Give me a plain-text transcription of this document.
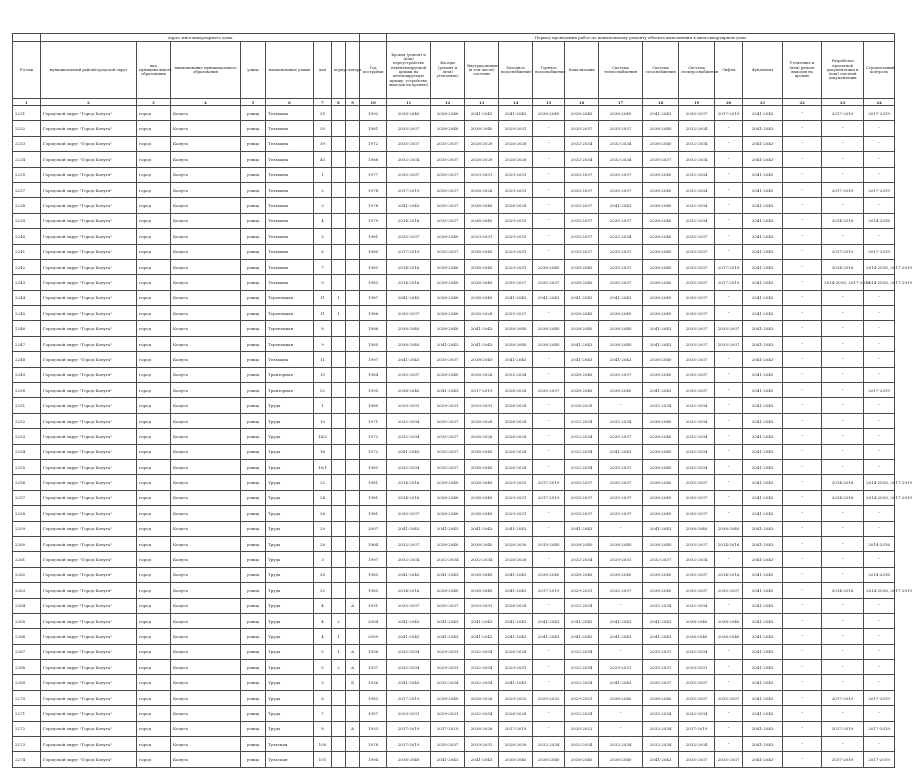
	Адрес многоквартирного дома									Период проведения работ по капитальному ремонту объекта выполнения в многоквартирном доме													
Уч-пак	муниципальный район/городской округ	вид муниципального образования	наименование муниципального образования	улица	наименование улицы	дом	корпус	литера	Год постройки	Кровля (ремонт и (или) переустройство невентилируемой крыши на вентилируемую крышу, устройство выходов на кровлю)	Фасады (ремонт и (или) утепление)	Внутридомовые (в том числе) системы	Холодное водоснабжение	Горячее водоснабжение	Канализация	Система теплоснабжения	Система газоснабжения	Система электроснабжения	Лифты	Фундамент	Утепление и (или) ремонт выходов на кровлю	Разработка проектной документации и (или) сметной документации	Строительный контроль
1	2	3	4	5	6	7	8	9	10	11	12	13	14	15	16	17	18	19	20	21	22	23	24
2231	Городской округ "Город Калуга"	город	Калуга	улица	Тельмана	35			1992	2038-2040	2038-2040	2041-2043	2041-2043	2038-2040	2038-2040	2038-2040	2041-2043	2035-2037	2017-2019	2041-2043	-	2017-2019	2017-2019
2232	Городской округ "Город Калуга"	город	Калуга	улица	Тельмана	35			1981	2035-2037	2038-2040	2038-2040	2029-2031	-	2035-2037	2035-2037	2038-2040	2032-2034	-	2041-2043	-	-	-
2233	Городской округ "Город Калуга"	город	Калуга	улица	Тельмана	39			1972	2035-2037	2035-2037	2026-2028	2026-2028	-	2032-2034	2032-2034	2038-2040	2032-2034	-	2041-2043	-	-	-
2234	Городской округ "Город Калуга"	город	Калуга	улица	Тельмана	43			1968	2032-2034	2035-2037	2026-2028	2026-2028	-	2032-2034	2032-2034	2035-2037	2032-2034	-	2041-2043	-	-	-
2235	Городской округ "Город Калуга"	город	Калуга	улица	Тельмана	1			1977	2035-2037	2035-2037	2029-2031	2029-2031	-	2035-2037	2035-2037	2038-2040	2032-2034	-	2041-2043	-	-	-
2237	Городской округ "Город Калуга"	город	Калуга	улица	Тельмана	2			1978	2017-2019	2035-2037	2026-2028	2029-2031	-	2035-2037	2035-2037	2038-2040	2032-2034	-	2041-2043	-	2017-2019	2017-2019
2238	Городской округ "Город Калуга"	город	Калуга	улица	Тельмана	3			1978	2041-2043	2035-2037	2038-2040	2026-2028	-	2035-2037	2041-2043	2038-2040	2032-2034	-	2041-2043	-	-	-
2239	Городской округ "Город Калуга"	город	Калуга	улица	Тельмана	4			1979	2014-2016	2035-2037	2038-2040	2029-2031	-	2035-2037	2035-2037	2038-2040	2032-2034	-	2041-2043	-	2014-2016	2014-2016
2240	Городской округ "Город Калуга"	город	Калуга	улица	Тельмана	5			1981	2035-2037	2038-2040	2029-2031	2029-2031	-	2035-2037	2032-2034	2038-2040	2035-2037	-	2041-2043	-	-	-
2241	Городской округ "Город Калуга"	город	Калуга	улица	Тельмана	6			1980	2017-2019	2035-2037	2038-2040	2029-2031	-	2035-2037	2035-2037	2038-2040	2035-2037	-	2041-2043	-	2017-2019	2017-2019
2242	Городской округ "Город Калуга"	город	Калуга	улица	Тельмана	7			1983	2014-2016	2038-2040	2038-2040	2029-2031	2038-2040	2038-2040	2035-2037	2038-2040	2035-2037	2017-2019	2041-2043	-	2014-2016	2014-2016, 2017-2019
2243	Городской округ "Город Калуга"	город	Калуга	улица	Тельмана	9			1983	2014-2016	2038-2040	2038-2040	2035-2037	2035-2037	2038-2040	2035-2037	2038-2040	2035-2037	2017-2019	2041-2043	-	2014-2016, 2017-2019	2014-2016, 2017-2019
2244	Городской округ "Город Калуга"	город	Калуга	улица	Терепецкая	11	1		1987	2041-2043	2038-2040	2038-2040	2041-2043	2041-2043	2041-2043	2041-2043	2038-2040	2035-2037	-	2041-2043	-	-	-
2245	Городской округ "Город Калуга"	город	Калуга	улица	Терепецкая	11	1		1986	2035-2037	2038-2040	2026-2028	2035-2037	-	2038-2040	2038-2040	2038-2040	2035-2037	-	2041-2043	-	-	-
2246	Городской округ "Город Калуга"	город	Калуга	улица	Терепецкая	8			1986	2038-2040	2038-2040	2041-2043	2038-2040	2038-2040	2038-2040	2038-2040	2041-2043	2035-2037	2035-2037	2041-2043	-	-	-
2247	Городской округ "Город Калуга"	город	Калуга	улица	Терепецкая	9			1985	2038-2040	2041-2043	2041-2043	2038-2040	2038-2040	2041-2043	2038-2040	2041-2043	2035-2037	2035-2037	2041-2043	-	-	-
2248	Городской округ "Город Калуга"	город	Калуга	улица	Тельмана	11			1997	2041-2043	2035-2037	2038-2040	2041-2043	-	2041-2043	2041-2043	2038-2040	2035-2037	-	2041-2043	-	-	-
2249	Городской округ "Город Калуга"	город	Калуга	улица	Тракторная	10			1984	2035-2037	2038-2040	2026-2028	2032-2034	-	2038-2040	2035-2037	2038-2040	2035-2037	-	2041-2043	-	-	-
2250	Городской округ "Город Калуга"	город	Калуга	улица	Тракторная	52			1995	2038-2040	2041-2043	2017-2019	2026-2028	2035-2037	2038-2040	2038-2040	2041-2043	2035-2037	-	2041-2043	-	-	2017-2019
2251	Городской округ "Город Калуга"	город	Калуга	улица	Труда	1			1980	2029-2031	2029-2031	2029-2031	2026-2028	-	2026-2028	-	2032-2034	2032-2034	-	2041-2043	-	-	-
2252	Городской округ "Город Калуга"	город	Калуга	улица	Труда	10			1971	2032-2034	2035-2037	2026-2028	2026-2028	-	2032-2034	2032-2034	2038-2040	2032-2034	-	2041-2043	-	-	-
2253	Городской округ "Город Калуга"	город	Калуга	улица	Труда	14/2			1972	2032-2034	2035-2037	2026-2028	2026-2028	-	2032-2034	2035-2037	2038-2040	2032-2034	-	2041-2043	-	-	-
2254	Городской округ "Город Калуга"	город	Калуга	улица	Труда	16			1972	2041-2043	2035-2037	2038-2040	2026-2028	-	2032-2034	2041-2043	2038-2040	2032-2034	-	2041-2043	-	-	-
2255	Городской округ "Город Калуга"	город	Калуга	улица	Труда	18/1			1983	2032-2034	2035-2037	2038-2040	2026-2028	-	2032-2034	2035-2037	2038-2040	2032-2034	-	2041-2043	-	-	-
2256	Городской округ "Город Калуга"	город	Калуга	улица	Труда	22			1981	2014-2016	2038-2040	2038-2040	2029-2031	2017-2019	2035-2037	2035-2037	2038-2040	2035-2037	-	2041-2043	-	2014-2016	2014-2016, 2017-2019
2257	Городской округ "Город Калуга"	город	Калуга	улица	Труда	24			1981	2014-2016	2038-2040	2038-2040	2029-2031	2017-2019	2035-2037	2035-2037	2038-2040	2035-2037	-	2041-2043	-	2014-2016	2014-2016, 2017-2019
2258	Городской округ "Город Калуга"	город	Калуга	улица	Труда	26			1981	2035-2037	2038-2040	2038-2040	2029-2031	-	2035-2037	2035-2037	2038-2040	2035-2037	-	2041-2043	-	-	-
2259	Городской округ "Город Калуга"	город	Калуга	улица	Труда	29			2007	2041-2043	2041-2043	2041-2043	2041-2043	-	2041-2043	-	2041-2043	2038-2040	2038-2040	2041-2043	-	-	-
2260	Городской округ "Город Калуга"	город	Калуга	улица	Труда	28			1964	2032-2037	2038-2040	2038-2040	2026-2030	2019-2040	2038-2040	2038-2040	2038-2040	2035-2037	2014-2016	2041-2043	-	-	2014-2016
2261	Городской округ "Город Калуга"	город	Калуга	улица	Труда	3			1997	2032-2034	2032-2034	2032-2034	2026-2028	-	2032-2034	2029-2031	2032-2037	2032-2034	-	2041-2043	-	-	-
2262	Городской округ "Город Калуга"	город	Калуга	улица	Труда	30			1983	2041-2043	2041-2043	2038-2040	2041-2043	2038-2040	2038-2040	2038-2040	2038-2040	2035-2037	2014-2016	2041-2043	-	-	2014-2016
2263	Городской округ "Город Калуга"	город	Калуга	улица	Труда	32			1983	2014-2016	2038-2040	2038-2040	2041-2043	2017-2019	2029-2031	2032-2037	2038-2040	2035-2037	2035-2037	2041-2043	-	2014-2016	2014-2016, 2017-2019
2264	Городской округ "Город Калуга"	город	Калуга	улица	Труда	4		A	1931	2035-2037	2035-2037	2029-2031	2026-2028	-	2032-2034	-	2032-2034	2032-2034	-	2041-2043	-	-	-
2265	Городской округ "Город Калуга"	город	Калуга	улица	Труда	4	2		2004	2041-2043	2041-2043	2041-2043	2041-2043	2041-2043	2041-2043	2041-2043	2041-2043	2038-2040	2038-2040	2041-2043	-	-	-
2266	Городской округ "Город Калуга"	город	Калуга	улица	Труда	4	1		2009	2041-2043	2041-2043	2041-2043	2041-2043	2041-2043	2041-2043	2041-2043	2041-2043	2038-2040	2038-2040	2041-2043	-	-	-
2267	Городской округ "Город Калуга"	город	Калуга	улица	Труда	5	1	A	1936	2032-2034	2029-2031	2032-2034	2026-2028	-	2032-2034	-	2035-2037	2032-2034	-	2041-2043	-	-	-
2268	Городской округ "Город Калуга"	город	Калуга	улица	Труда	5	2	A	1937	2032-2034	2029-2031	2032-2034	2029-2031	-	2032-2034	2029-2031	2035-2037	2029-2031	-	2041-2043	-	-	-
2269	Городской округ "Город Калуга"	город	Калуга	улица	Труда	5		Б	1936	2041-2043	2032-2034	2032-2034	2041-2043	-	2032-2034	2041-2043	2035-2037	2035-2037	-	2041-2043	-	-	-
2270	Городской округ "Город Калуга"	город	Калуга	улица	Труда	6			1983	2017-2019	2038-2040	2026-2028	2029-2032	2029-2032	2029-2031	2038-2040	2038-2040	2035-2037	2035-2037	2041-2043	-	2017-2019	2017-2019
2271	Городской округ "Город Калуга"	город	Калуга	улица	Труда	7			1957	2029-2031	2029-2031	2032-2034	2026-2028	-	2032-2034	-	2032-2034	2032-2034	-	2041-2043	-	-	-
2272	Городской округ "Город Калуга"	город	Калуга	улица	Труда	8		A	1933	2017-2019	2017-2019	2026-2028	2017-2019	-	2035-2022	-	2032-2034	2017-2019	-	2041-2043	-	2017-2019	2017-2019
2273	Городской округ "Город Калуга"	город	Калуга	улица	Тульская	100			1978	2017-2019	2035-2037	2029-2031	2026-2028	2032-2034	2032-2034	2032-2034	2032-2034	2032-2034	-	2041-2043	-	-	-
2274	Городской округ "Город Калуга"	город	Калуга	улица	Тульская	101			1994	2038-2040	2041-2043	2041-2043	2038-2040	2038-2040	2038-2040	2038-2040	2041-2043	2035-2037	2035-2037	2041-2043	-	2017-2019	2017-2019
